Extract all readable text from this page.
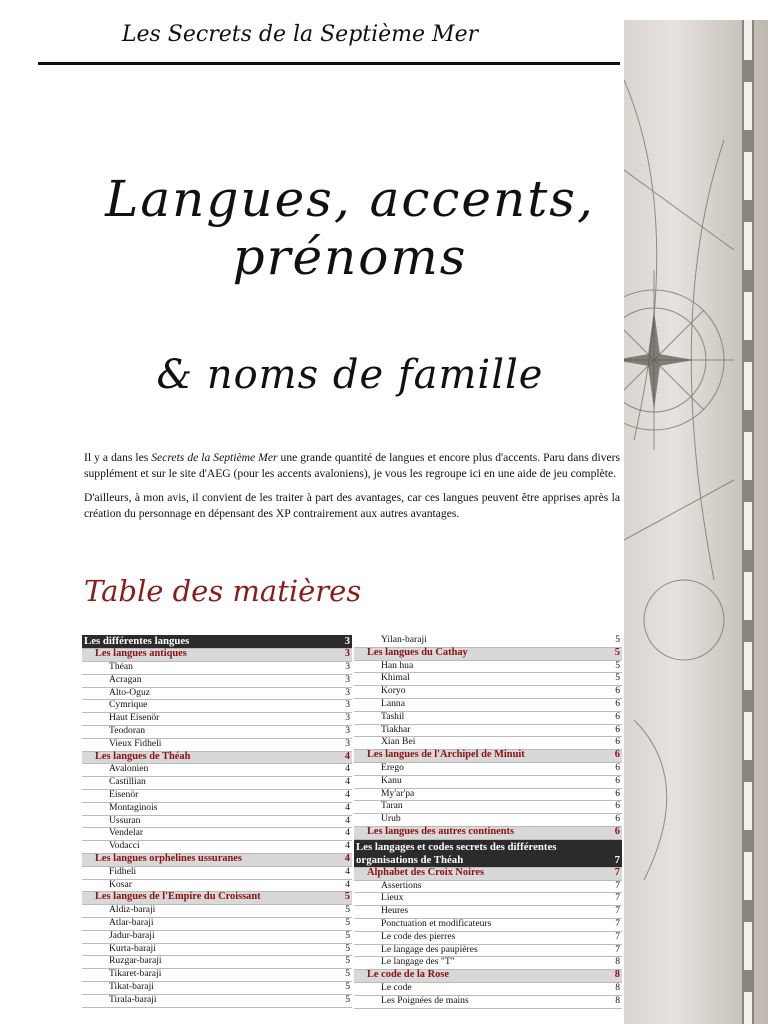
Les Secrets de la Septième Mer
Langues, accents, prénoms
& noms de famille

Il y a dans les Secrets de la Septième Mer une grande quantité de langues et encore plus d'accents. Paru dans divers supplément et sur le site d'AEG (pour les accents avaloniens), je vous les regroupe ici en une aide de jeu complète.

D'ailleurs, à mon avis, il convient de les traiter à part des avantages, car ces langues peuvent être apprises après la création du personnage en dépensant des XP contrairement aux autres avantages.

Table des matières
Les différentes langues	3
Les langues antiques	3
Théan	3
Acragan	3
Alto-Oguz	3
Cymrique	3
Haut Eisenör	3
Teodoran	3
Vieux Fidheli	3
Les langues de Théah	4
Avalonien	4
Castillian	4
Eisenör	4
Montaginois	4
Ussuran	4
Vendelar	4
Vodacci	4
Les langues orphelines ussuranes	4
Fidheli	4
Kosar	4
Les langues de l'Empire du Croissant	5
Aldiz-baraji	5
Atlar-baraji	5
Jadur-baraji	5
Kurta-baraji	5
Ruzgar-baraji	5
Tikaret-baraji	5
Tikat-baraji	5
Tirala-baraji	5
Yilan-baraji	5
Les langues du Cathay	5
Han hua	5
Khimal	5
Koryo	6
Lanna	6
Tashil	6
Tiakhar	6
Xian Bei	6
Les langues de l'Archipel de Minuit	6
Erego	6
Kanu	6
My'ar'pa	6
Taran	6
Urub	6
Les langues des autres continents	6
Les langages et codes secrets des différentes organisations de Théah	7
Alphabet des Croix Noires	7
Assertions	7
Lieux	7
Heures	7
Ponctuation et modificateurs	7
Le code des pierres	7
Le langage des paupières	7
Le langage des "T"	8
Le code de la Rose	8
Le code	8
Les Poignées de mains	8
